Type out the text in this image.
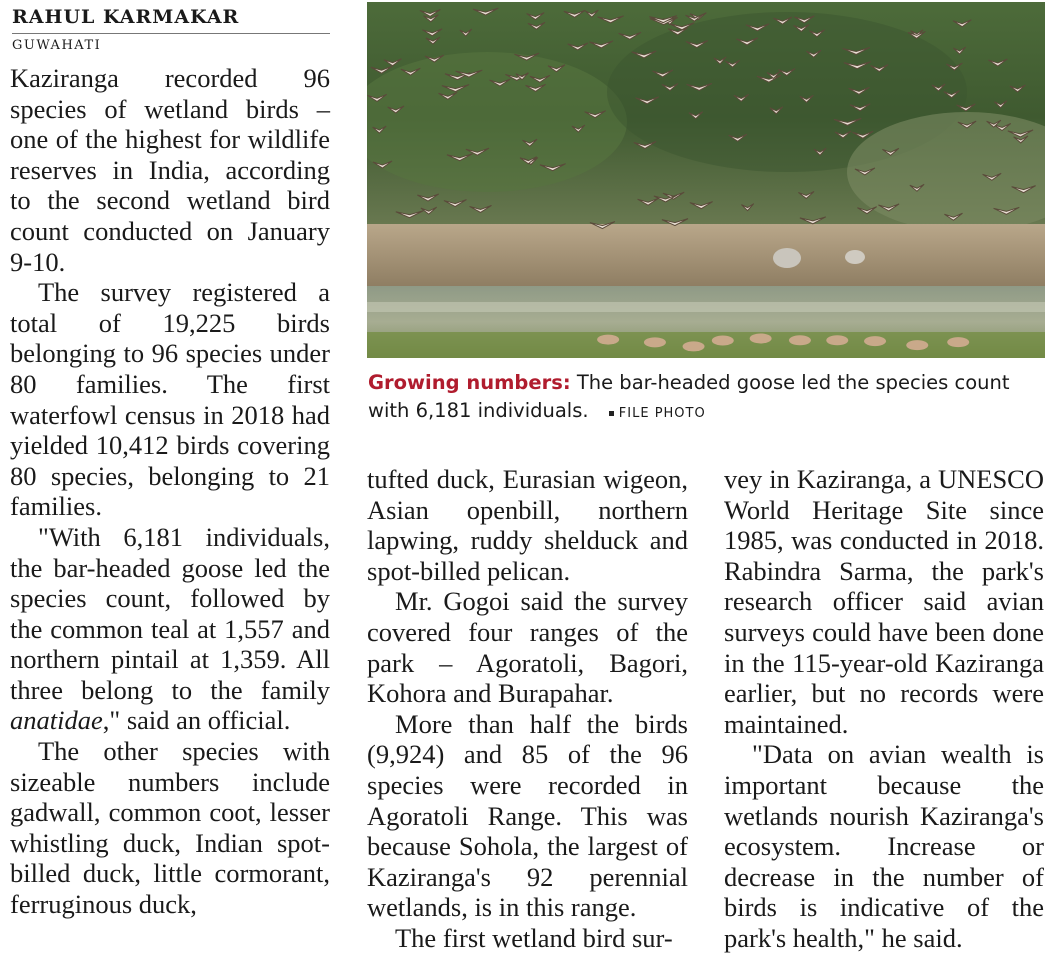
RAHUL KARMAKAR
GUWAHATI

Kaziranga recorded 96 species of wetland birds – one of the highest for wildlife reserves in India, according to the second wetland bird count conducted on January 9-10.

The survey registered a total of 19,225 birds belonging to 96 species under 80 families. The first waterfowl census in 2018 had yielded 10,412 birds covering 80 species, belonging to 21 families.

"With 6,181 individuals, the bar-headed goose led the species count, followed by the common teal at 1,557 and northern pintail at 1,359. All three belong to the family anatidae," said an official.

The other species with sizeable numbers include gadwall, common coot, lesser whistling duck, Indian spot-billed duck, little cormorant, ferruginous duck,

Growing numbers: The bar-headed goose led the species count with 6,181 individuals. FILE PHOTO

tufted duck, Eurasian wigeon, Asian openbill, northern lapwing, ruddy shelduck and spot-billed pelican.

Mr. Gogoi said the survey covered four ranges of the park – Agoratoli, Bagori, Kohora and Burapahar.

More than half the birds (9,924) and 85 of the 96 species were recorded in Agoratoli Range. This was because Sohola, the largest of Kaziranga's 92 perennial wetlands, is in this range.

The first wetland bird sur-

vey in Kaziranga, a UNESCO World Heritage Site since 1985, was conducted in 2018. Rabindra Sarma, the park's research officer said avian surveys could have been done in the 115-year-old Kaziranga earlier, but no records were maintained.

"Data on avian wealth is important because the wetlands nourish Kaziranga's ecosystem. Increase or decrease in the number of birds is indicative of the park's health," he said.
